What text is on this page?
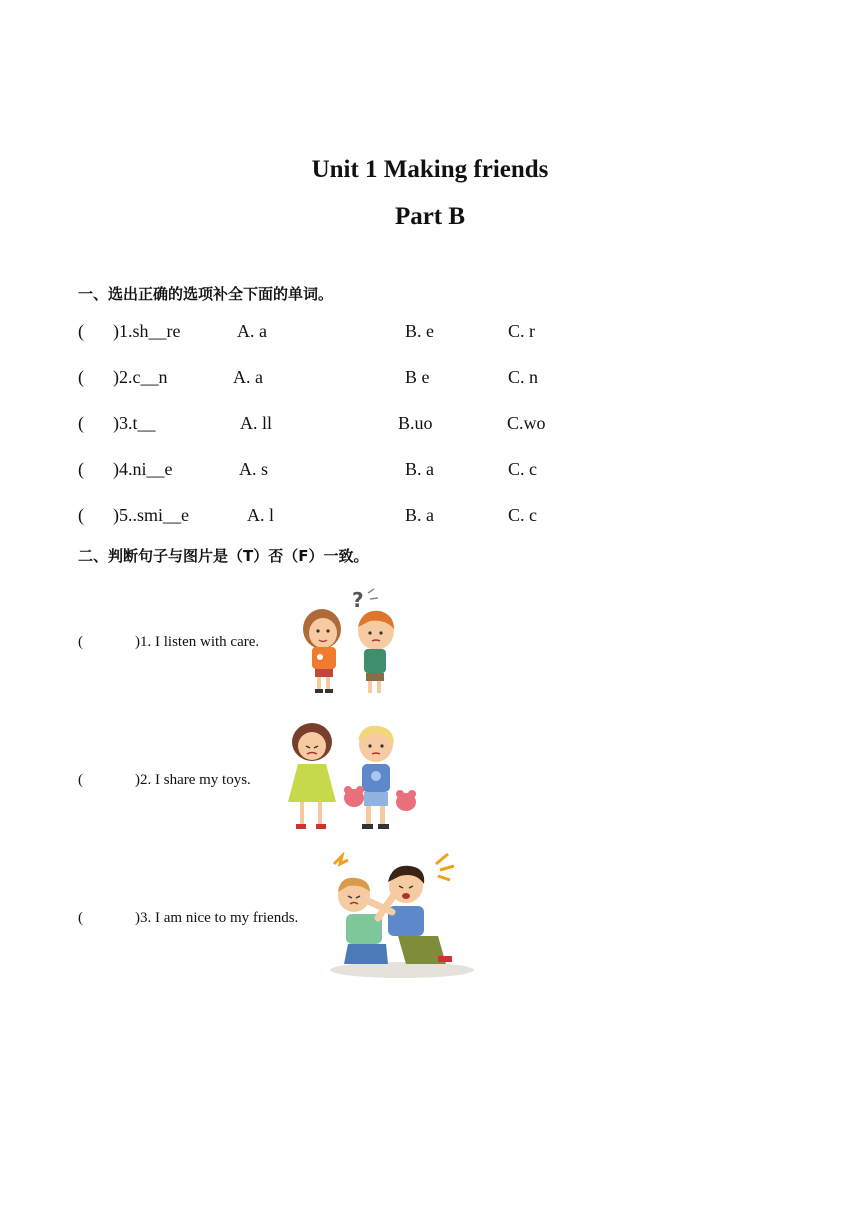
Unit 1 Making friends
Part B
一、选出正确的选项补全下面的单词。
( )1.sh__re	A. a	B. e	C. r
( )2.c__n	A. a	B e	C. n
( )3.t__	A. ll	B.uo	C.wo
( )4.ni__e	A. s	B. a	C. c
( )5..smi__e	A. l	B. a	C. c
二、判断句子与图片是（T）否（F）一致。
(	)1. I listen with care.
?
(	)2. I share my toys.
(	)3. I am nice to my friends.
